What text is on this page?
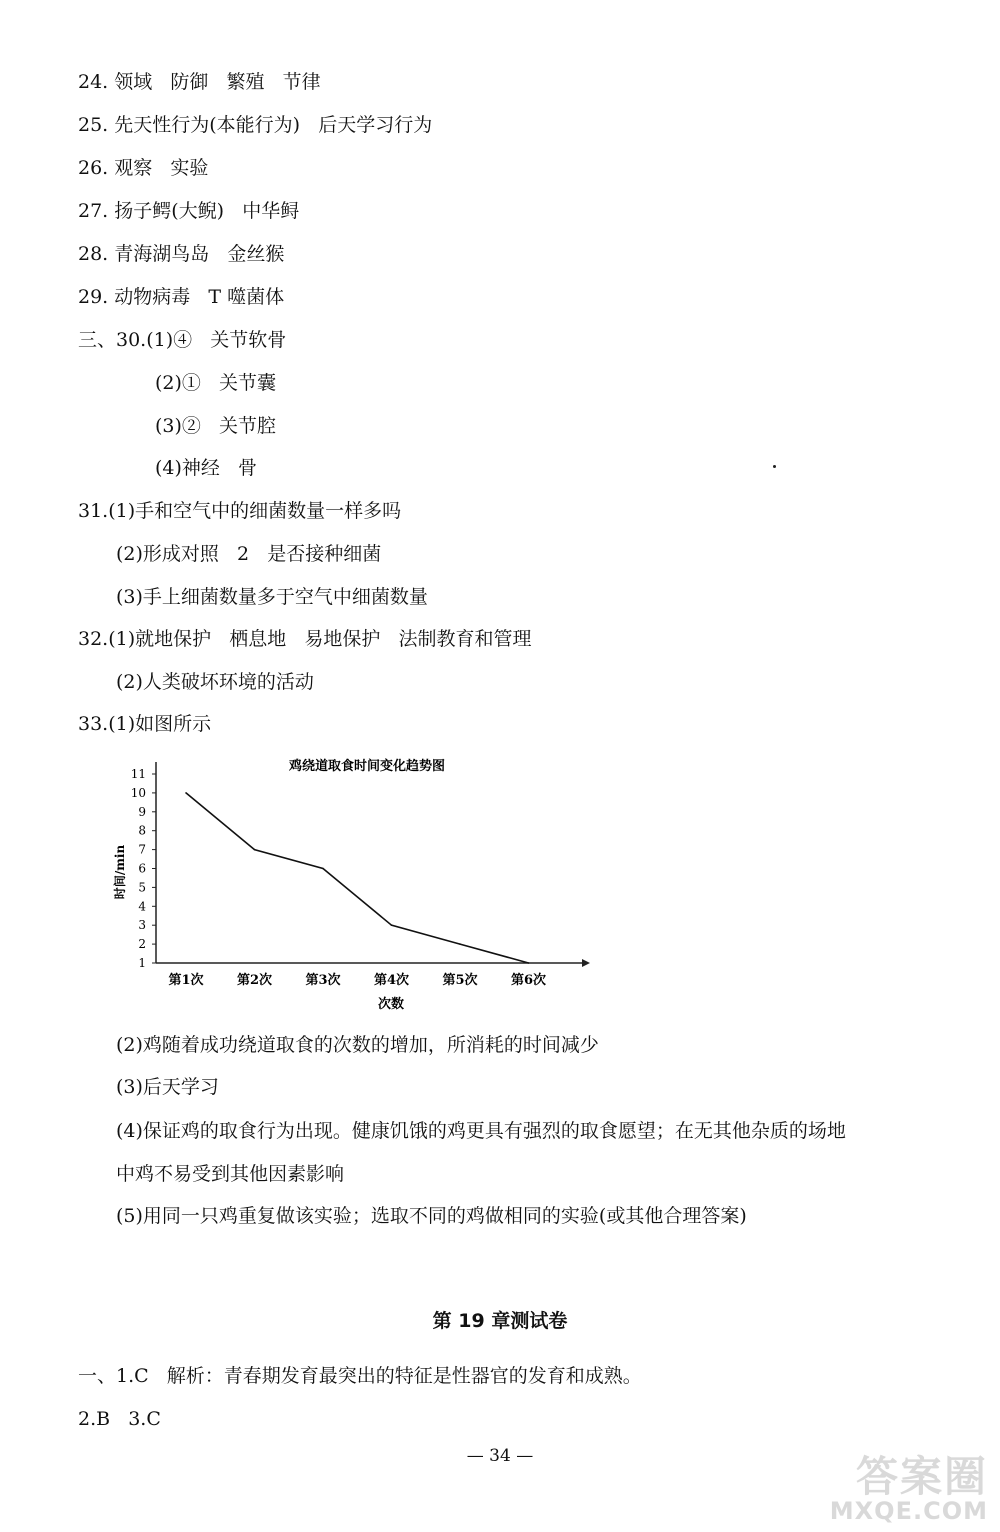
24. 领域   防御   繁殖   节律
25. 先天性行为(本能行为)   后天学习行为
26. 观察   实验
27. 扬子鳄(大鲵)   中华鲟
28. 青海湖鸟岛   金丝猴
29. 动物病毒   T 噬菌体
三、30.(1)④   关节软骨
(2)①   关节囊
(3)②   关节腔
(4)神经   骨
31.(1)手和空气中的细菌数量一样多吗
(2)形成对照   2   是否接种细菌
(3)手上细菌数量多于空气中细菌数量
32.(1)就地保护   栖息地   易地保护   法制教育和管理
(2)人类破坏环境的活动
33.(1)如图所示
鸡绕道取食时间变化趋势图
时间/min
次数
1
2
3
4
5
6
7
8
9
10
11
第1次	第2次	第3次	第4次	第5次	第6次
(2)鸡随着成功绕道取食的次数的增加，所消耗的时间减少
(3)后天学习
(4)保证鸡的取食行为出现。健康饥饿的鸡更具有强烈的取食愿望；在无其他杂质的场地
中鸡不易受到其他因素影响
(5)用同一只鸡重复做该实验；选取不同的鸡做相同的实验(或其他合理答案)
第 19 章测试卷
一、1.C   解析：青春期发育最突出的特征是性器官的发育和成熟。
2.B   3.C
— 34 —	答案圈
MXQE.COM
